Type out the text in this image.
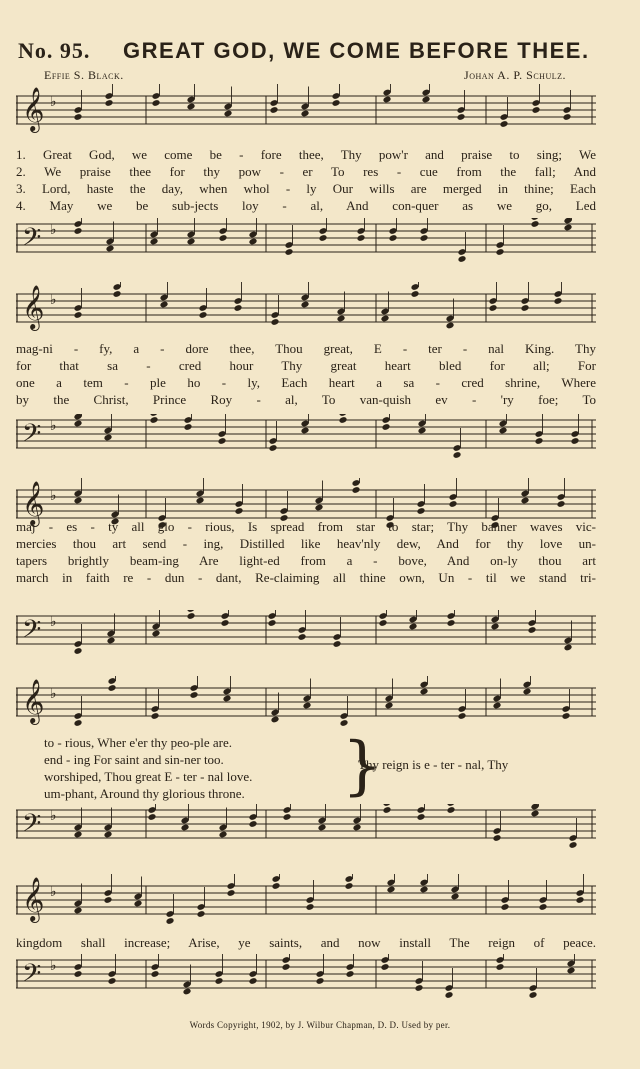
No. 95. GREAT GOD, WE COME BEFORE THEE.
Effie S. Black.	Johan A. P. Schulz.
𝄞 ♭
1. Great God, we come be - fore thee, Thy pow'r and praise to sing; We
2. We praise thee for thy pow - er To res - cue from the fall; And
3. Lord, haste the day, when whol - ly Our wills are merged in thine; Each
4. May we be sub-jects loy - al, And con-quer as we go, Led
𝄢 ♭
𝄞 ♭
mag-ni - fy, a - dore thee, Thou great, E - ter - nal King. Thy
for that sa - cred hour Thy great heart bled for all; For
one a tem - ple ho - ly, Each heart a sa - cred shrine, Where
by the Christ, Prince Roy - al, To van-quish ev - 'ry foe; To
𝄢 ♭
𝄞 ♭
maj - es - ty all glo - rious, Is spread from star to star; Thy banner waves vic-
mercies thou art send - ing, Distilled like heav'nly dew, And for thy love un-
tapers brightly beam-ing Are light-ed from a - bove, And on-ly thou art
march in faith re - dun - dant, Re-claiming all thine own, Un - til we stand tri-
𝄢 ♭
𝄞 ♭
to - rious, Wher e'er thy peo-ple are.
end - ing For saint and sin-ner too.
worshiped, Thou great E - ter - nal love.
um-phant, Around thy glorious throne.	}
Thy reign is e - ter - nal, Thy
𝄢 ♭
𝄞 ♭
kingdom shall increase; Arise, ye saints, and now install The reign of peace.
𝄢 ♭
Words Copyright, 1902, by J. Wilbur Chapman, D. D. Used by per.
